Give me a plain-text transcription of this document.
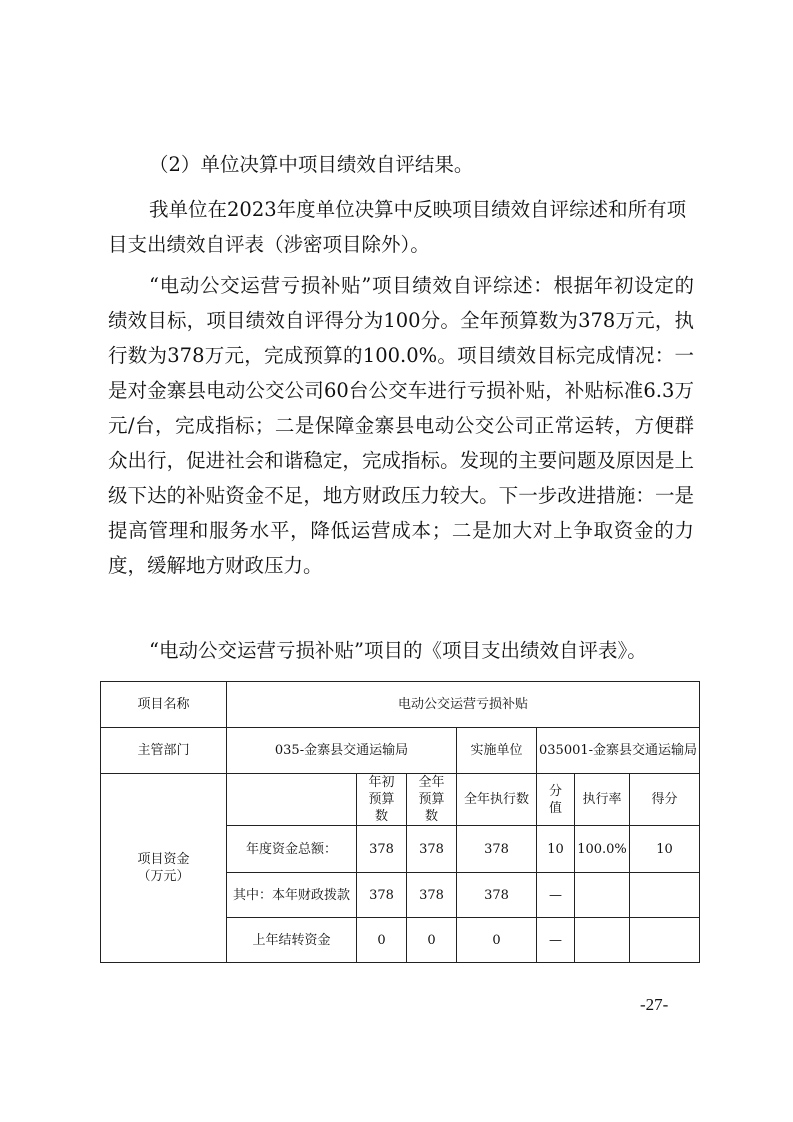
（2）单位决算中项目绩效自评结果。
我单位在2023年度单位决算中反映项目绩效自评综述和所有项目支出绩效自评表（涉密项目除外）。
“电动公交运营亏损补贴”项目绩效自评综述：根据年初设定的绩效目标，项目绩效自评得分为100分。全年预算数为378万元，执行数为378万元，完成预算的100.0%。项目绩效目标完成情况：一是对金寨县电动公交公司60台公交车进行亏损补贴，补贴标准6.3万元/台，完成指标；二是保障金寨县电动公交公司正常运转，方便群众出行，促进社会和谐稳定，完成指标。发现的主要问题及原因是上级下达的补贴资金不足，地方财政压力较大。下一步改进措施：一是提高管理和服务水平，降低运营成本；二是加大对上争取资金的力度，缓解地方财政压力。
“电动公交运营亏损补贴”项目的《项目支出绩效自评表》。
项目名称	电动公交运营亏损补贴						
主管部门	035-金寨县交通运输局			实施单位	035001-金寨县交通运输局		
项目资金（万元）		年初预算数	全年预算数	全年执行数	分值	执行率	得分
	年度资金总额：	378	378	378	10	100.0%	10
	其中：本年财政拨款	378	378	378	—		
	上年结转资金	0	0	0	—		
-27-
